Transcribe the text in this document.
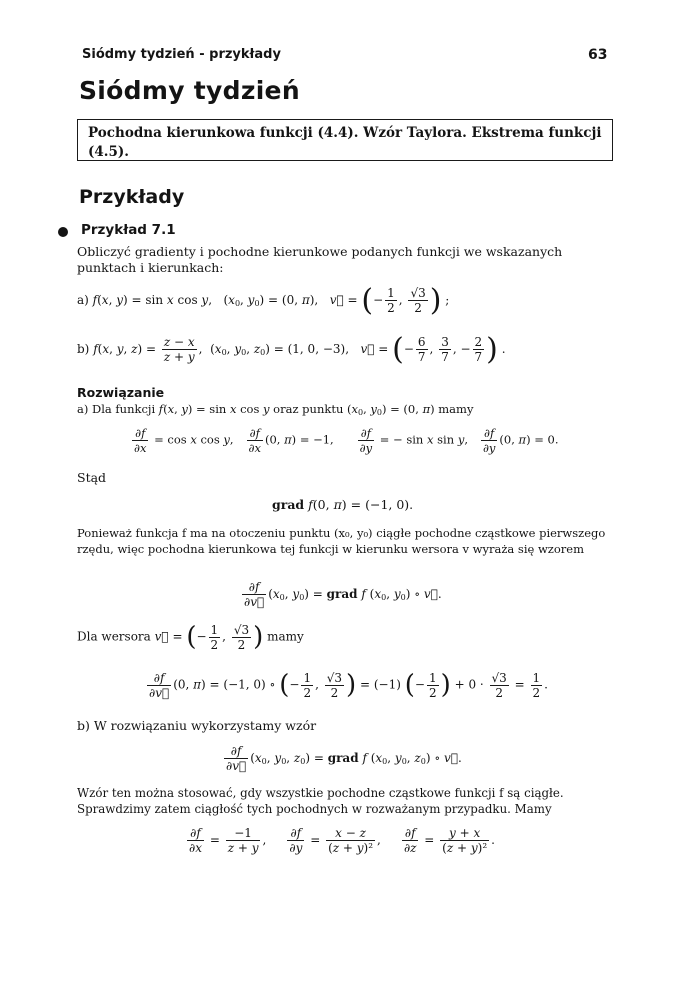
Siódmy tydzień - przykłady	63
Siódmy tydzień
Pochodna kierunkowa funkcji (4.4). Wzór Taylora. Ekstrema funkcji (4.5).
Przykłady
Przykład 7.1
Obliczyć gradienty i pochodne kierunkowe podanych funkcji we wskazanych punktach i kierunkach:
a) f(x, y) = sin x cos y,   ($x_0$, $y_0) = (0$, π),   v⃗ = (− $\frac{1}{2}$ , $\frac{√3}{2}$ ) ;
b) f(x, y, $z) = \frac{z - x}{z + y}$ ,  ($x_0$, $y_0$, $z_0) = (1$, 0, −3),   v⃗ = (− $\frac{6}{7}$ , $\frac{3}{7}$ , − $\frac{2}{7}$ ) .
Rozwiązanie
a) Dla funkcji f(x, y) = sin x cos y oraz punktu ($x_0$, $y_0) = (0$, π) mamy
$\frac{\partial f}{\partial x} = \cos x$ cos y, $\frac{\partial f}{\partial x} (0$, π) = −1, $\frac{\partial f}{\partial y}$ = − sin x sin y, $\frac{\partial f}{\partial y} (0$, π) = 0.
Stąd
grad f(0, π) = (−1, 0).
Ponieważ funkcja f ma na otoczeniu punktu (x₀, y₀) ciągłe pochodne cząstkowe pierwszego rzędu, więc pochodna kierunkowa tej funkcji w kierunku wersora v wyraża się wzorem
$\frac{\partial f}{\partial v⃗} (x_0$, $y_0$) = grad f ($x_0$, $y_0$) ∘ v⃗.
Dla wersora v⃗ = (− $\frac{1}{2}$ , $\frac{√3}{2}$ ) mamy
$\frac{\partial f}{\partial v⃗} (0$, π) = (−1, 0) ∘ (− $\frac{1}{2}$ , $\frac{√3}{2}$ ) = (−1) (− $\frac{1}{2}$ ) + $0 \cdot \frac{√3}{2} = \frac{1}{2}$ .
b) W rozwiązaniu wykorzystamy wzór
$\frac{\partial f}{\partial v⃗} (x_0$, $y_0$, $z_0$) = grad f ($x_0$, $y_0$, $z_0$) ∘ v⃗.
Wzór ten można stosować, gdy wszystkie pochodne cząstkowe funkcji f są ciągłe. Sprawdzimy zatem ciągłość tych pochodnych w rozważanym przypadku. Mamy
$\frac{\partial f}{\partial x} = \frac{-1}{z + y}$ , $\frac{\partial f}{\partial y} = \frac{x - z}{\text{(z + y)²}}$ , $\frac{\partial f}{\partial z} = \frac{y + x}{\text{(z + y)²}}$ .
